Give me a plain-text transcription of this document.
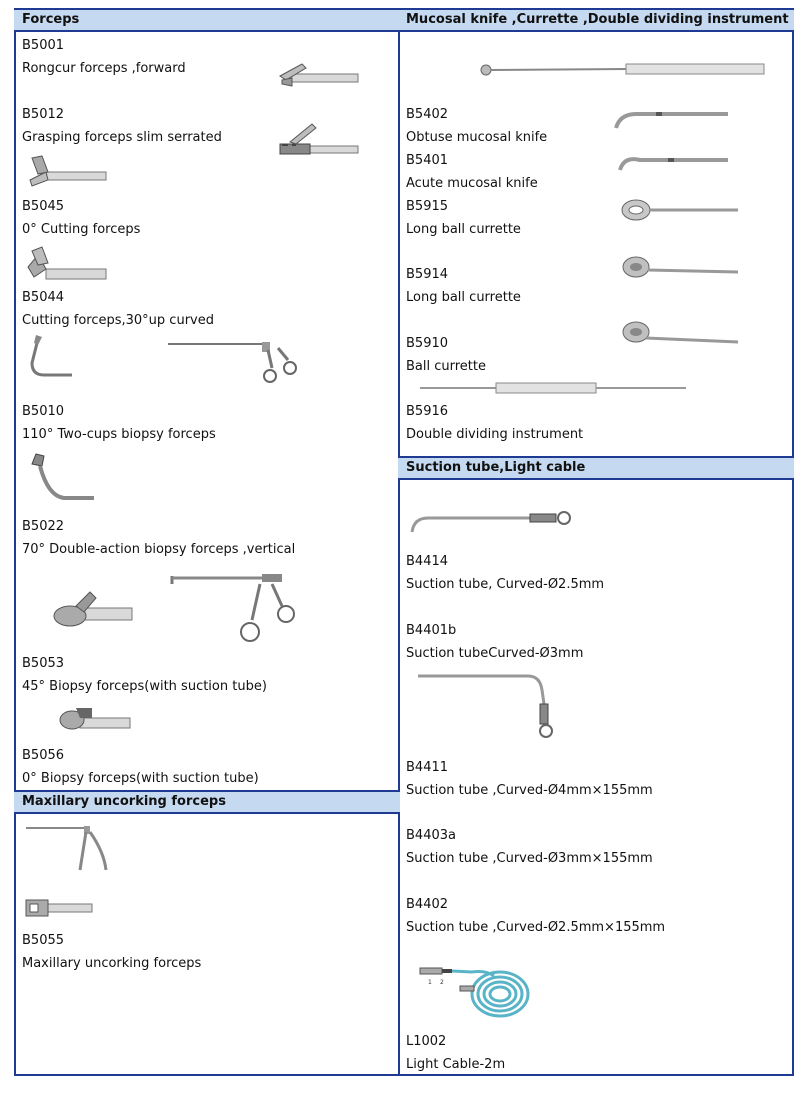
Forceps
B5001
Rongcur forceps ,forward
B5012
Grasping forceps slim serrated
B5045
0° Cutting forceps
B5044
Cutting forceps,30°up curved
B5010
110° Two-cups biopsy forceps
B5022
70° Double-action biopsy forceps ,vertical
B5053
45° Biopsy forceps(with suction tube)
B5056
0° Biopsy forceps(with suction tube)
Maxillary uncorking forceps
B5055
Maxillary uncorking forceps
Mucosal knife ,Currette ,Double dividing instrument
B5402
Obtuse mucosal knife
B5401
Acute mucosal knife
B5915
Long ball currette
B5914
Long ball currette
B5910
Ball currette
B5916
Double dividing instrument
Suction tube,Light cable
B4414
Suction tube, Curved-Ø2.5mm
B4401b
Suction tubeCurved-Ø3mm
B4411
Suction tube ,Curved-Ø4mm×155mm
B4403a
Suction tube ,Curved-Ø3mm×155mm
B4402
Suction tube ,Curved-Ø2.5mm×155mm
1 2
L1002
Light Cable-2m
